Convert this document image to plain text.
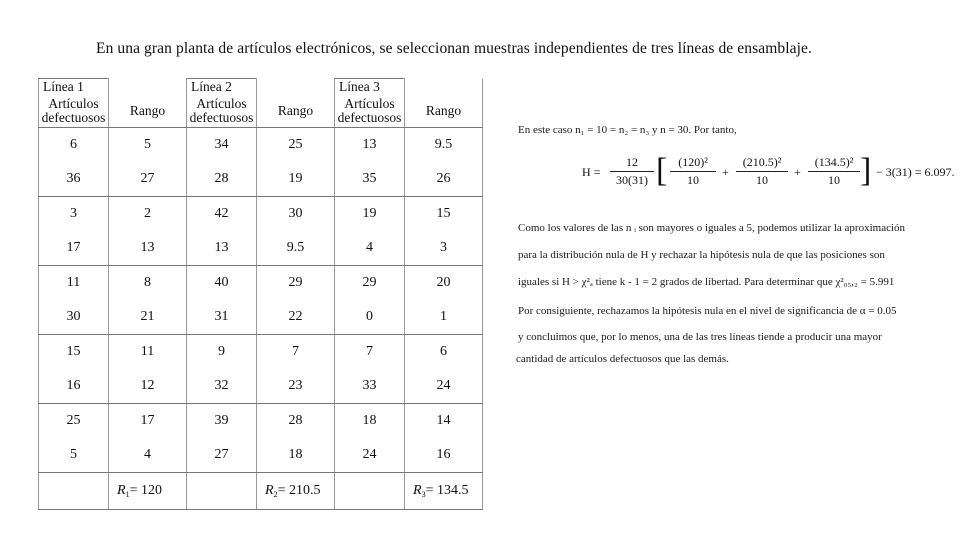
En una gran planta de artículos electrónicos, se seleccionan muestras independientes de tres líneas de ensamblaje.
Línea 1		Línea 2		Línea 3	
Artículos defectuosos	Rango	Artículos defectuosos	Rango	Artículos defectuosos	Rango
6	5	34	25	13	9.5
36	27	28	19	35	26
3	2	42	30	19	15
17	13	13	9.5	4	3
11	8	40	29	29	20
30	21	31	22	0	1
15	11	9	7	7	6
16	12	32	23	33	24
25	17	39	28	18	14
5	4	27	18	24	16
	$R_1= 120$		$R_2= 210.5$		$R_3= 134.5$
En este caso n₁ = 10 = n₂ = n₃ y n = 30. Por tanto,
$H = \frac{12}{30(31)}$ [ $\frac{\text{(120)²}}{10} + \frac{\text{(210.5)²}}{10} + \frac{\text{(134.5)²}}{10}$ ] − 3(31) = 6.097.
Como los valores de las n ᵢ son mayores o iguales a 5, podemos utilizar la aproximación
para la distribución nula de H y rechazar la hipótesis nula de que las posiciones son
iguales si H > χ²ₐ tiene k - 1 = 2 grados de libertad. Para determinar que χ²₀₅,₂ = 5.991
Por consiguiente, rechazamos la hipótesis nula en el nivel de significancia de α = 0.05
y concluimos que, por lo menos, una de las tres líneas tiende a producir una mayor
cantidad de artículos defectuosos que las demás.
